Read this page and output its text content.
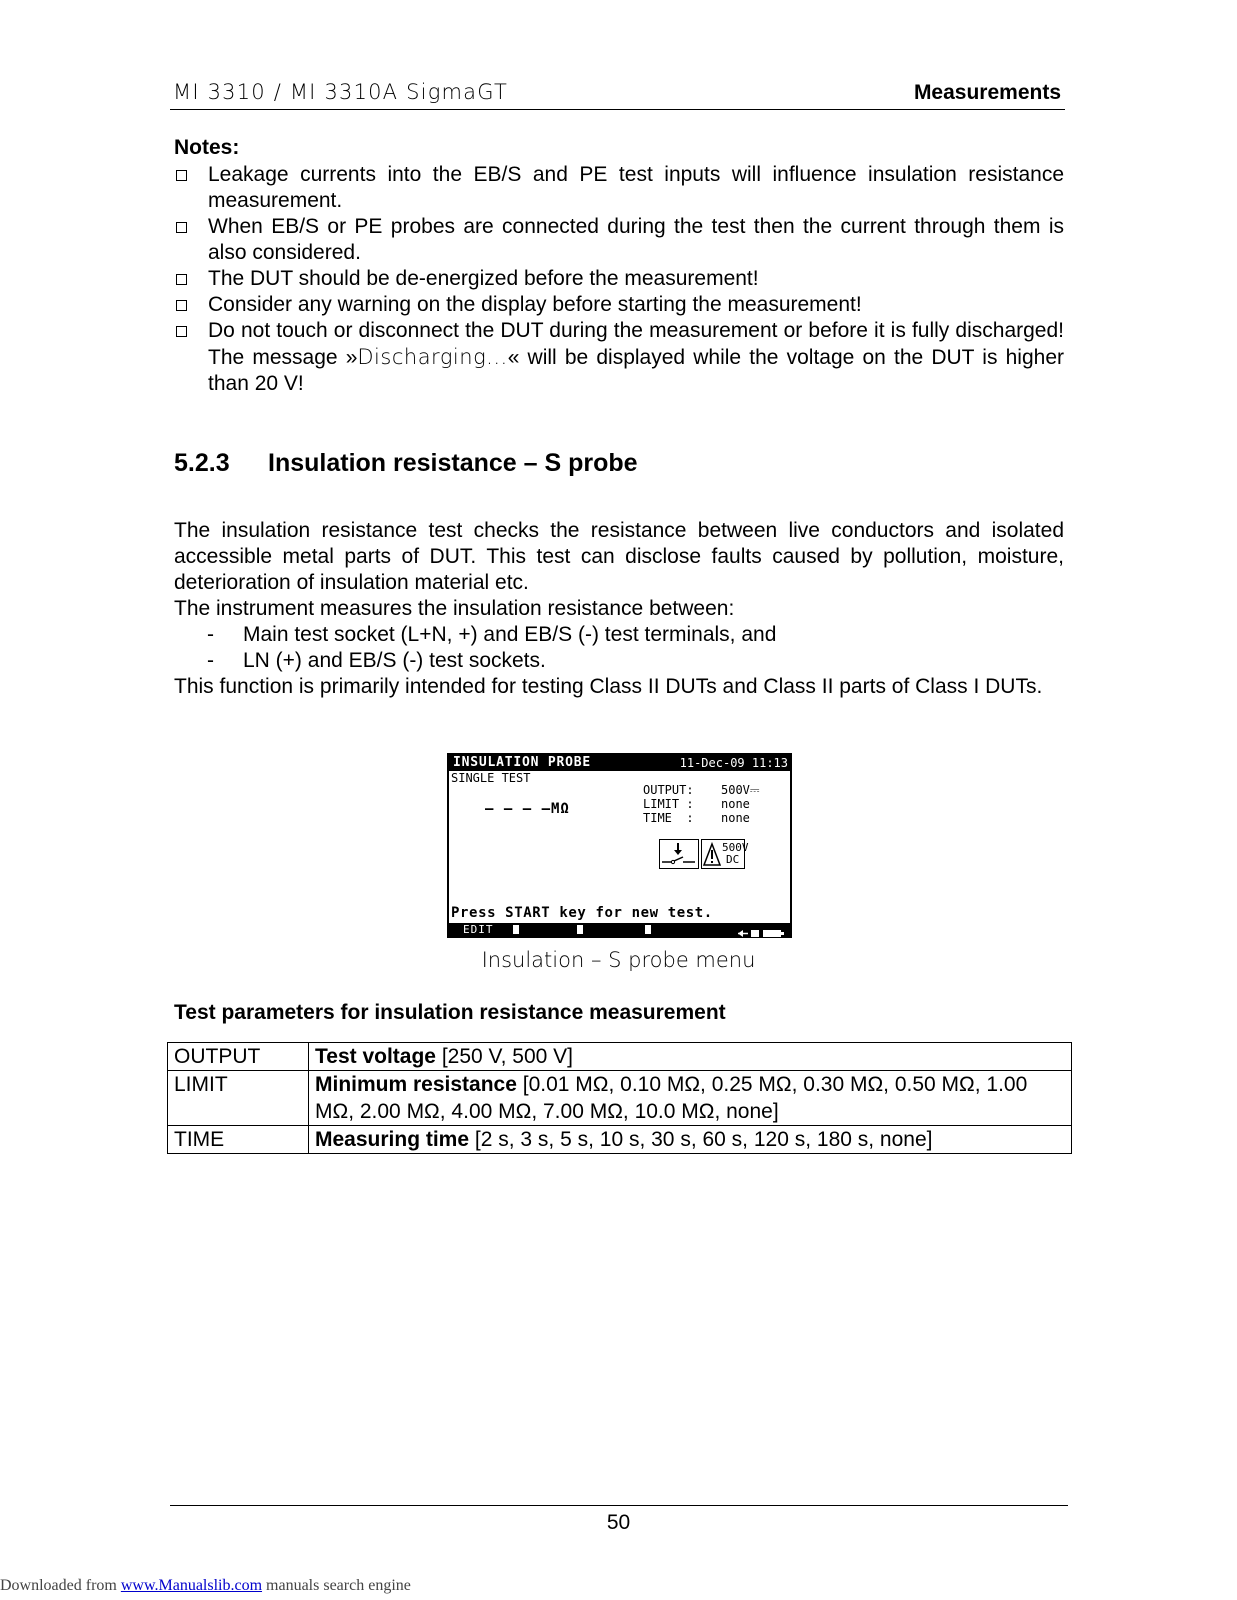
MI 3310 / MI 3310A SigmaGT	Measurements
Notes:
Leakage currents into the EB/S and PE test inputs will influence insulation resistance measurement.
When EB/S or PE probes are connected during the test then the current through them is also considered.
The DUT should be de-energized before the measurement!
Consider any warning on the display before starting the measurement!
Do not touch or disconnect the DUT during the measurement or before it is fully discharged! The message »Discharging...« will be displayed while the voltage on the DUT is higher than 20 V!
5.2.3 Insulation resistance – S probe
The insulation resistance test checks the resistance between live conductors and isolated accessible metal parts of DUT. This test can disclose faults caused by pollution, moisture, deterioration of insulation material etc.
The instrument measures the insulation resistance between:
- Main test socket (L+N, +) and EB/S (-) test terminals, and
- LN (+) and EB/S (-) test sockets.
This function is primarily intended for testing Class II DUTs and Class II parts of Class I DUTs.
INSULATION PROBE	11-Dec-09 11:13
SINGLE TEST
OUTPUT: 500V⎓
LIMIT : none
TIME  : none
— — — —MΩ
500V
DC
Press START key for new test.
EDIT
Insulation – S probe menu
Test parameters for insulation resistance measurement
OUTPUT	Test voltage [250 V, 500 V]
LIMIT	Minimum resistance [0.01 MΩ, 0.10 MΩ, 0.25 MΩ, 0.30 MΩ, 0.50 MΩ, 1.00 MΩ, 2.00 MΩ, 4.00 MΩ, 7.00 MΩ, 10.0 MΩ, none]
TIME	Measuring time [2 s, 3 s, 5 s, 10 s, 30 s, 60 s, 120 s, 180 s, none]
50
Downloaded from www.Manualslib.com manuals search engine
